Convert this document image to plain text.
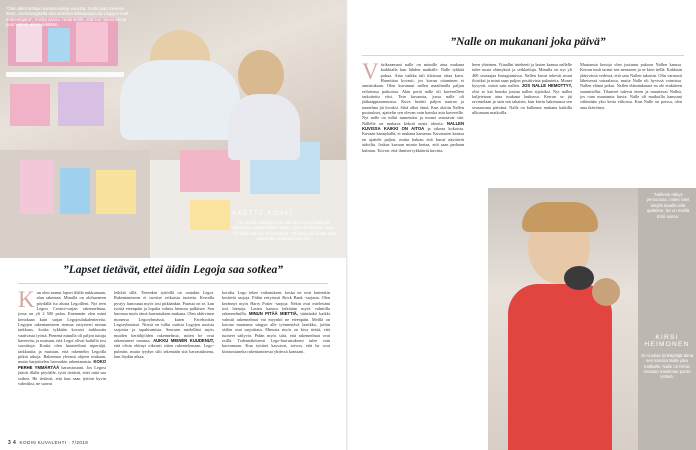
”Olen alkut tyttöjen kanssa koteja vuositta, mutta pian meneen itöön. Unelmattyjäällä olisi tietenkin leikkauspaa tai Legojen mallerakentajana”, Anetta sanoo. Heila tietää, että kun rakennelmat puut valmiit, sitten leikitään.
ANETTE KOSKI
30-vuotias kahden tytön äiti asuu Hyvinkäällä ja rakentaa Legoilla tähtien jäsen, jota Facebookin Legoryhmistä hän sai verkostoitua. ”Oli tietenkin tietää, että aikuisetkin leikkivät Legoilla.”
”Lapset tietävät, ettei äidin Legoja saa sotkea”
K un olen saanut lapset illalla nukkumaan, alan rakentaa. Minulla on olohuoneen pöydällä iso alusta Legoilleni. Nyt teen Legon Creator-sarjan rakennelmaa, jossa on yli 2 500 palaa. Enemmän olen minä kertakaan kuin sarjan Legojoulukalentereita. Legojen rakentamiseen riemua erityisesti minun tarkkuus, koska tykkään kovasti tarkkuutta vaativasta työstä. Pienenä minulla oli paljon tuttuja kavereita, ja muistan, että Legot olivat kaikilla tosi suosittuja. Koska olen luonteeltani nipertäjä, tarkkuutta ja muistan, että rakentelin Legoilla pitkiä aikoja. Rakennan yleensä ohjeen mukaan, mutta harjoittelen luovaakin rakentamista. KOKO PERHE YMMÄRTÄÄ harrastustani. Jos Legosi jäävät illalla pöydälle, tytöt tietävät, ettei niitä saa sotkea. He tietävät, että kun saan tyttöni hyvin valmiiksi, ne saavat
leikkiä sillä. Tietenkin tyttöillä on omiakin Legot. Rakentamiseen ei tarvitse erikoista tuotetta. Kerralla pystyy lumoutua myös tosi pitkäänkin. Parasta on se, kun työstä eteenpäin ja lopulta valmis hienous palkitsee. Sen huomaa myös tämä harrastuksen mukana. Olen aktiivinen monessa Legoryhmässä, kuten Facebookin Legoryhmässä. Niissä on tullut uutisia Legojen uusista sarjoista ja tapahtumista. Seuraan mielelläni myös muiden keräilijöiden rakennelmia, miten he ovat rakentaneet omansa. AUKKU MEINEN KUUDENUT, että olisin ehtinyt oikeasti sitten rakentelemaan. Legopulmiin, mutta tyydyn silti tekemään sitä harrastuksena, kun löydän aikaa.
korulta. Lego tekee vaikutuksen, koska ne ovat kuitenkin kestäviä sarjoja. Pidän erityisesti Brick Bank -sarjasta. Olen kerännyt myös Harry Potter -sarjoja. Nekin ovat mielestäni tosi hienoja. Lasten kanssa leikitään myös valmiilla rakennelmilla. MINUN PITÄÄ MIETTIÄ, säästänkö kaikki valmiit rakennelmat vai myynkö ne eteenpäin. Meillä on kotona muutama sängyn alle työnnettävä laatikko, joihin säilön osat sarjoittain. Minusta myös on kiva tietää, että tuotteet säilyvät. Pidän myös siitä, että rakennelmat ovat esillä. Todennäköisesti Lego-harrastukseni tulee vain kasvamaan. Kun tyttäret kasvavat, toivon, että he ovat kiinnostuneita rakentamisesta yhdessä kanssani.
3 4 KODIN KUVALEHTI · 7/2018
”Nalle on mukanani joka päivä”
V iiriksaamani nalle on minulle aina mukana kaikkialla kun lähden matkalle. Nalle tykkää puhua. Aina vaikka tuli tilaisuus ottaa kuva. Harmittaa kovasti, jos kuvan ottaminen ei onnistukaan. Olen kuvannut nallen maailmalla paljon erilaisissa paikoissa. Alan periä nalle oli kavereilleni tarkoitettu vitsi. Tein kuvausta, jossa nalle oli jääkaappiasunnossa. Kuva herätti paljon naurua ja tunnelma jäi kivaksi. Siitä alkoi tämä. Kun aloitin Nallen postaukset, ajattelin sen olevan vain hauska asia kavereille. Nyt nalle on tullut tunnetuksi ja monet seuraavat sitä. Nallelle on mukava keksiä uusia ideoita. NALLEN KUVISSA KAIKKI ON AITOA ja oikeaa kokoista. Kuvaan kännykällä, ei mukana kameraa. Kuvausten kanssa en ajattele paljon, mutta haluan että kuvat näyttävät aidoilta. Joskus kuvaan monta kertaa, että saan parhaan kulman. Toivon, että ihmiset tykkäävät kuvista.
heen yhteinen. Viinallni iniehenti ja lasten kanssa nallelle tulee uusia elämyksiä ja seikkailuja. Minulla on nyt yli 400 seuraajaa Instagramissa. Nallen kuvat tekevät muut iloisiksi ja minä saan paljon positiivista palautetta. Monet kysyvät, mistä sain nallen. JOS NALLE HEMOTTYY, olisi se kai hauska joutua nallen sijaisiksi. Nyt nallea kuljetetaan aina mukana laukussa. Kerran se jäi ravintolaan ja sain sen takaisin, kun kävin hakemassa sen seuraavana päivänä. Nalle on kulkenut mukana kaikilla ulkomaan matkoilla.
Muutamia kertoja olen joutunut pakoon Nallen kanssa. Kerran tuuli tarttui sen nenaseen ja se kieri tiellä. Kahlasin jäätyvässä vedessä, että sain Nallen takaisin. Olin varmasti läheisessä sairaalassa, mutta Nalle oli hyvissä voimissa. Nallen elämä jatkui. Nallen elämänkaarta en ole etukäteen suunnitellut. Tilanteet tulevat eteen ja muuttavat Nallea, jos otan muutamia kuvia. Nalle oli matkoilla kanssani vähintään yksi kerta viikossa. Kun Nalle on poissa, olen aina ikävöinyt.
”Nallesta näkyy persoonan, miten näet tietyllä tavalla siitä ajattelee. Se on meillä Kirsi sanoo.
KIRSI HEIMONEN
40-vuotias työkäyttäjä tämä sen kanssa Nalle joka matkalle. Nalle on Kirsin mukaan maailman paras ystävä.
